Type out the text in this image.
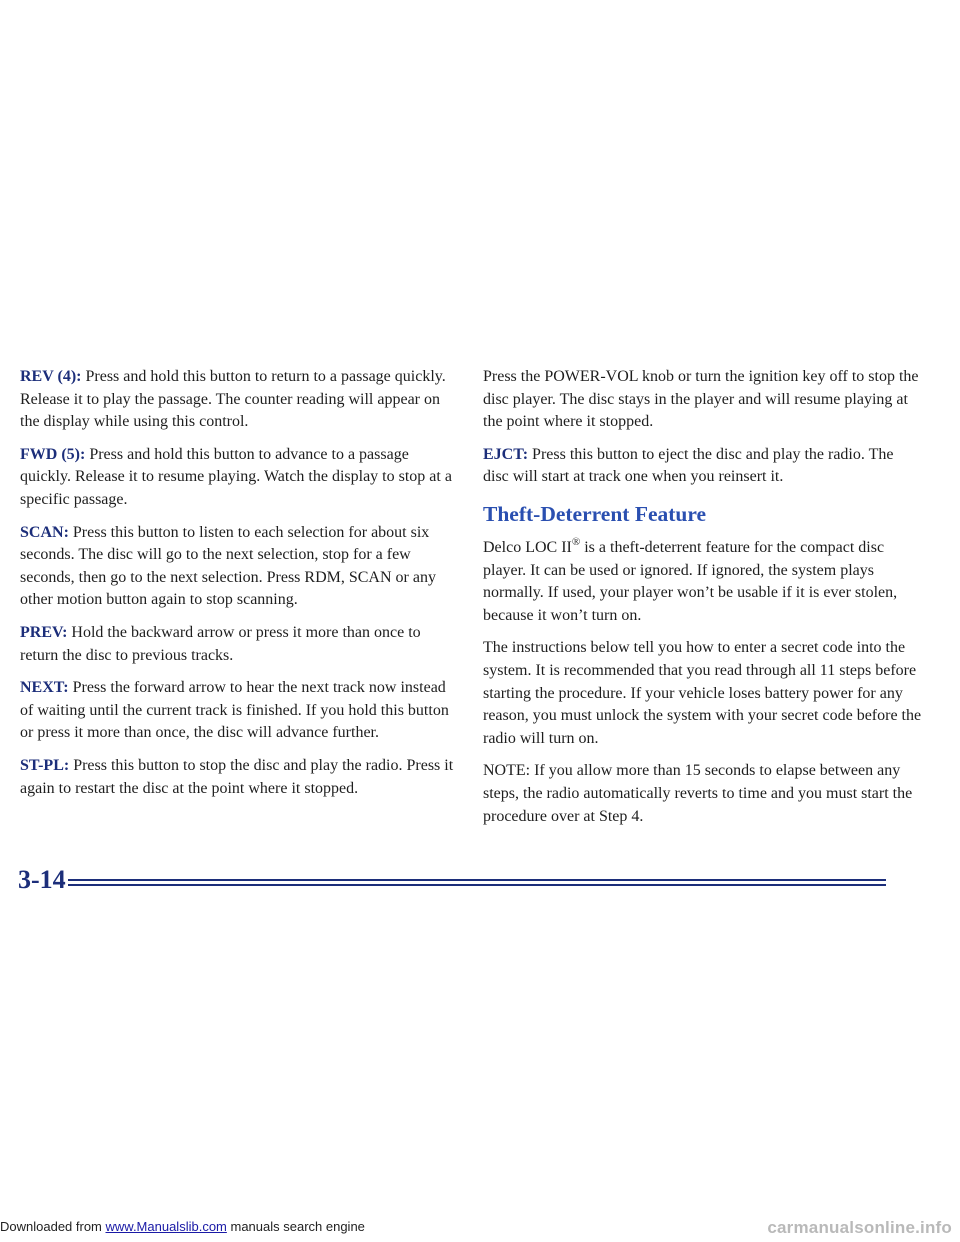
REV (4): Press and hold this button to return to a passage quickly. Release it to play the passage. The counter reading will appear on the display while using this control.

FWD (5): Press and hold this button to advance to a passage quickly. Release it to resume playing. Watch the display to stop at a specific passage.

SCAN: Press this button to listen to each selection for about six seconds. The disc will go to the next selection, stop for a few seconds, then go to the next selection. Press RDM, SCAN or any other motion button again to stop scanning.

PREV: Hold the backward arrow or press it more than once to return the disc to previous tracks.

NEXT: Press the forward arrow to hear the next track now instead of waiting until the current track is finished. If you hold this button or press it more than once, the disc will advance further.

ST-PL: Press this button to stop the disc and play the radio. Press it again to restart the disc at the point where it stopped.

Press the POWER-VOL knob or turn the ignition key off to stop the disc player. The disc stays in the player and will resume playing at the point where it stopped.

EJCT: Press this button to eject the disc and play the radio. The disc will start at track one when you reinsert it.

Theft-Deterrent Feature

Delco LOC II® is a theft-deterrent feature for the compact disc player. It can be used or ignored. If ignored, the system plays normally. If used, your player won’t be usable if it is ever stolen, because it won’t turn on.

The instructions below tell you how to enter a secret code into the system. It is recommended that you read through all 11 steps before starting the procedure. If your vehicle loses battery power for any reason, you must unlock the system with your secret code before the radio will turn on.

NOTE: If you allow more than 15 seconds to elapse between any steps, the radio automatically reverts to time and you must start the procedure over at Step 4.

3-14
Downloaded from www.Manualslib.com manuals search engine	carmanualsonline.info
